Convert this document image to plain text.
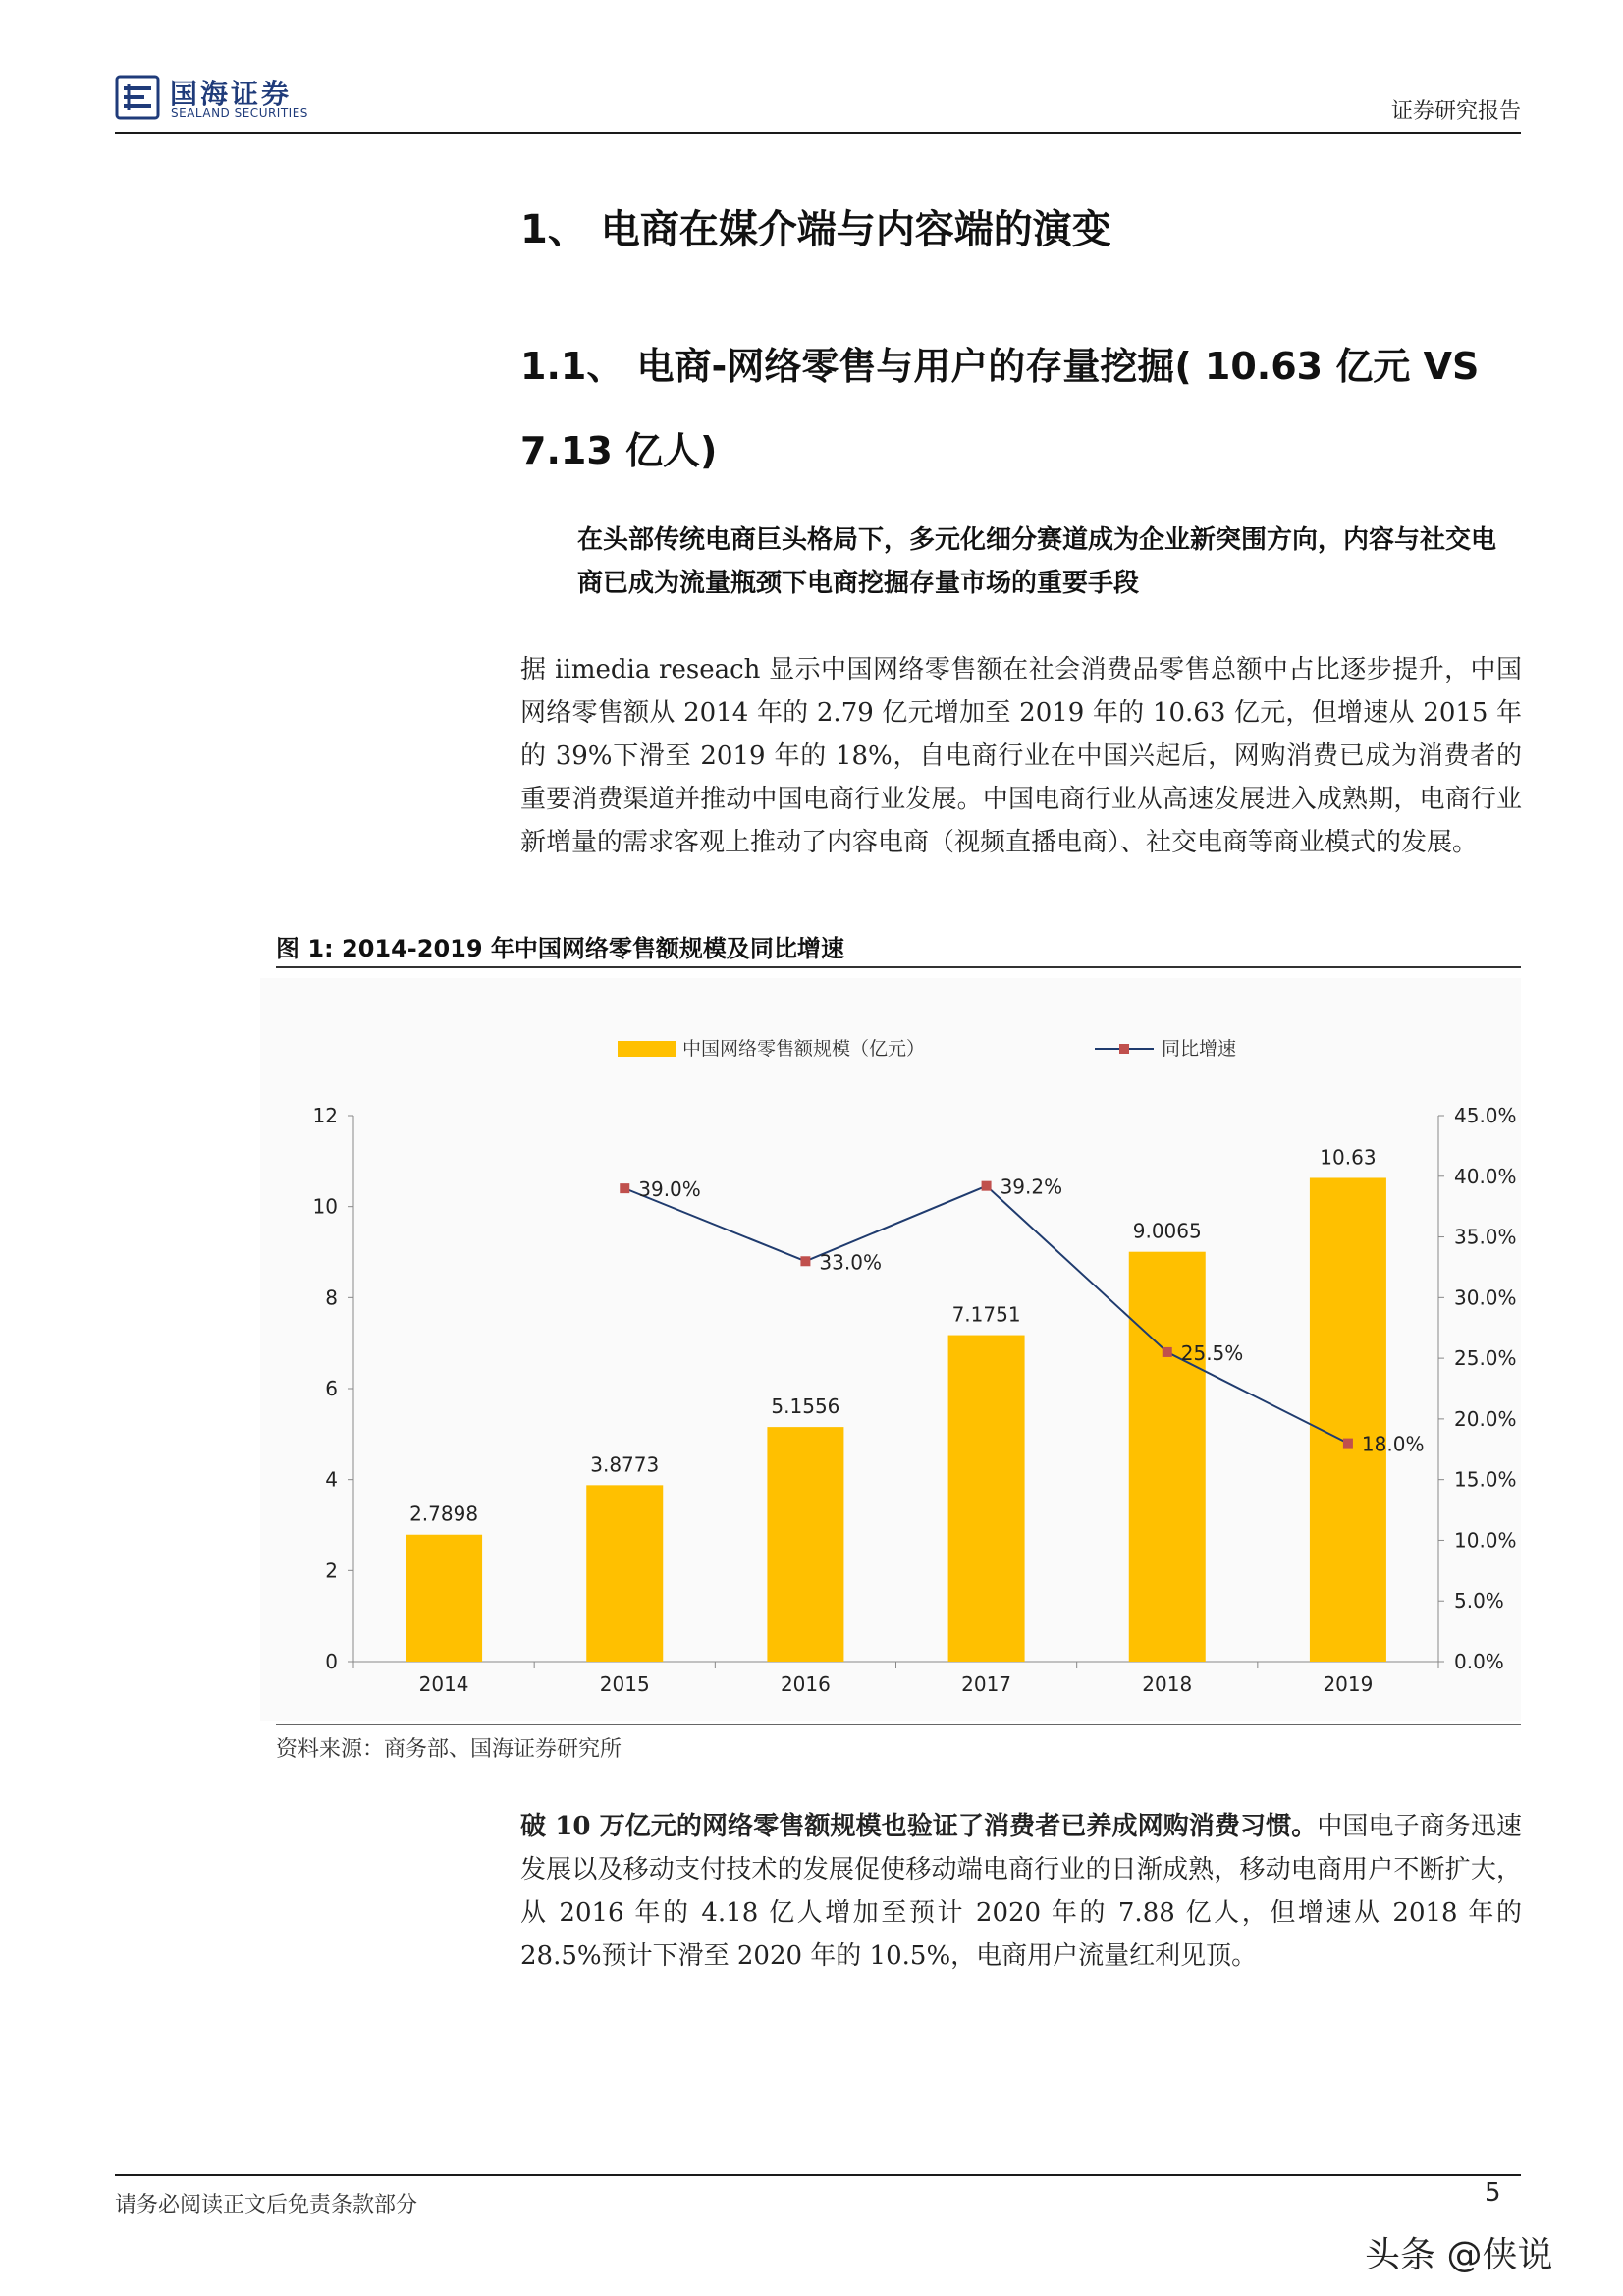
国海证券
SEALAND SECURITIES	证券研究报告
1、 电商在媒介端与内容端的演变
1.1、 电商-网络零售与用户的存量挖掘( 10.63 亿元 VS 7.13 亿人)
在头部传统电商巨头格局下，多元化细分赛道成为企业新突围方向，内容与社交电商已成为流量瓶颈下电商挖掘存量市场的重要手段
据 iimedia reseach 显示中国网络零售额在社会消费品零售总额中占比逐步提升，中国网络零售额从 2014 年的 2.79 亿元增加至 2019 年的 10.63 亿元，但增速从 2015 年的 39%下滑至 2019 年的 18%，自电商行业在中国兴起后，网购消费已成为消费者的重要消费渠道并推动中国电商行业发展。中国电商行业从高速发展进入成熟期，电商行业新增量的需求客观上推动了内容电商（视频直播电商）、社交电商等商业模式的发展。
图 1: 2014-2019 年中国网络零售额规模及同比增速
中国网络零售额规模（亿元）	同比增速
0
2
4
6
8
10
12
0.0%
5.0%
10.0%
15.0%
20.0%
25.0%
30.0%
35.0%
40.0%
45.0%
2014	2015	2016	2017	2018	2019
2.7898
3.8773
5.1556
7.1751
9.0065
10.63
39.0%
33.0%
39.2%
25.5%
18.0%
资料来源：商务部、国海证券研究所
破 10 万亿元的网络零售额规模也验证了消费者已养成网购消费习惯。中国电子商务迅速发展以及移动支付技术的发展促使移动端电商行业的日渐成熟，移动电商用户不断扩大，从 2016 年的 4.18 亿人增加至预计 2020 年的 7.88 亿人，但增速从 2018 年的 28.5%预计下滑至 2020 年的 10.5%，电商用户流量红利见顶。
请务必阅读正文后免责条款部分	5
头条 @侠说
